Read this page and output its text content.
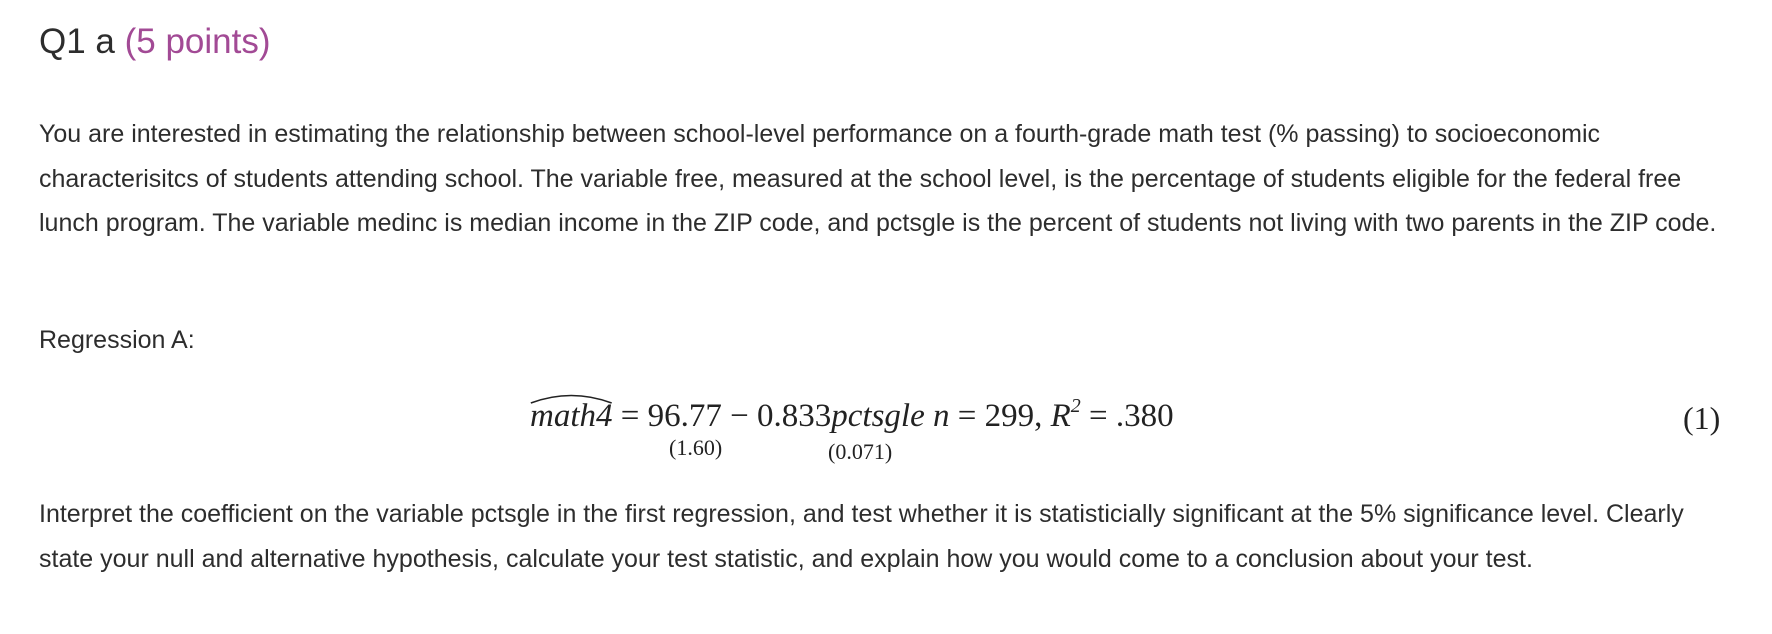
Q1 a (5 points)

You are interested in estimating the relationship between school-level performance on a fourth-grade math test (% passing) to socioeconomic characterisitcs of students attending school. The variable free, measured at the school level, is the percentage of students eligible for the federal free lunch program. The variable medinc is median income in the ZIP code, and pctsgle is the percent of students not living with two parents in the ZIP code.

Regression A:

math4 = 96.77 − 0.833pctsgle n = 299, $R^2 = .380$
(1.60)	(0.071)
(1)

Interpret the coefficient on the variable pctsgle in the first regression, and test whether it is statisticially significant at the 5% significance level. Clearly state your null and alternative hypothesis, calculate your test statistic, and explain how you would come to a conclusion about your test.
